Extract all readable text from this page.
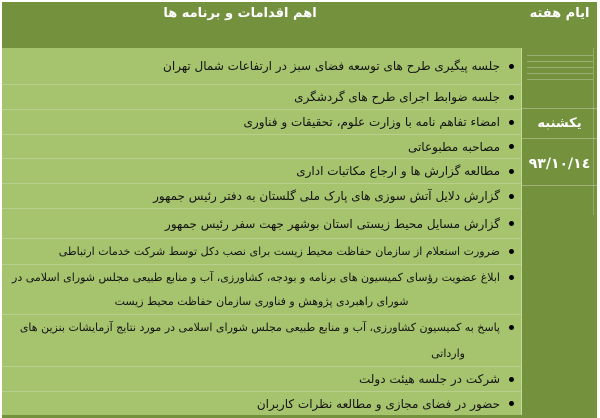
ایام هفته
اهم اقدامات و برنامه ها
یکشنبه
٩٣/١٠/١٤
جلسه پیگیری طرح های توسعه فضای سبز در ارتفاعات شمال تهران
جلسه ضوابط اجرای طرح های گردشگری
امضاء تفاهم نامه با وزارت علوم، تحقیقات و فناوری
مصاحبه مطبوعاتی
مطالعه گزارش ها و ارجاع مکاتبات اداری
گزارش دلایل آتش سوزی های پارک ملی گلستان به دفتر رئیس جمهور
گزارش مسایل محیط زیستی استان بوشهر جهت سفر رئیس جمهور
ضرورت استعلام از سازمان حفاظت محیط زیست برای نصب دکل توسط شرکت خدمات ارتباطی
ابلاغ عضویت رؤسای کمیسیون های برنامه و بودجه، کشاورزی، آب و منابع طبیعی مجلس شورای اسلامی در
شورای راهبردی پژوهش و فناوری سازمان حفاظت محیط زیست
پاسخ به کمیسیون کشاورزی، آب و منابع طبیعی مجلس شورای اسلامی در مورد نتایج آزمایشات بنزین های
وارداتی
شرکت در جلسه هیئت دولت
حضور در فضای مجازی و مطالعه نظرات کاربران
